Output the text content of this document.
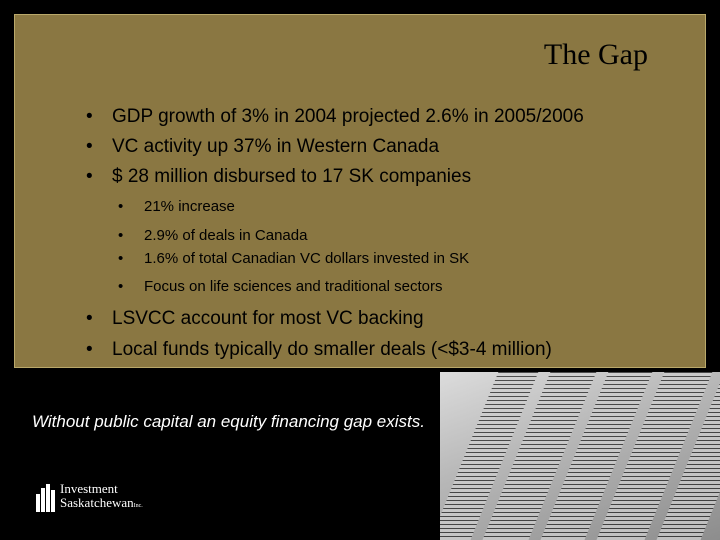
The Gap
• GDP growth of 3% in 2004 projected 2.6% in 2005/2006
• VC activity up 37% in Western Canada
• $ 28 million disbursed to 17 SK companies
• 21% increase
• 2.9% of deals in Canada
• 1.6% of total Canadian VC dollars invested in SK
• Focus on life sciences and traditional sectors
• LSVCC account for most VC backing
• Local funds typically do smaller deals (<$3-4 million)
Without public capital an equity financing gap exists.
Investment
SaskatchewanInc.
